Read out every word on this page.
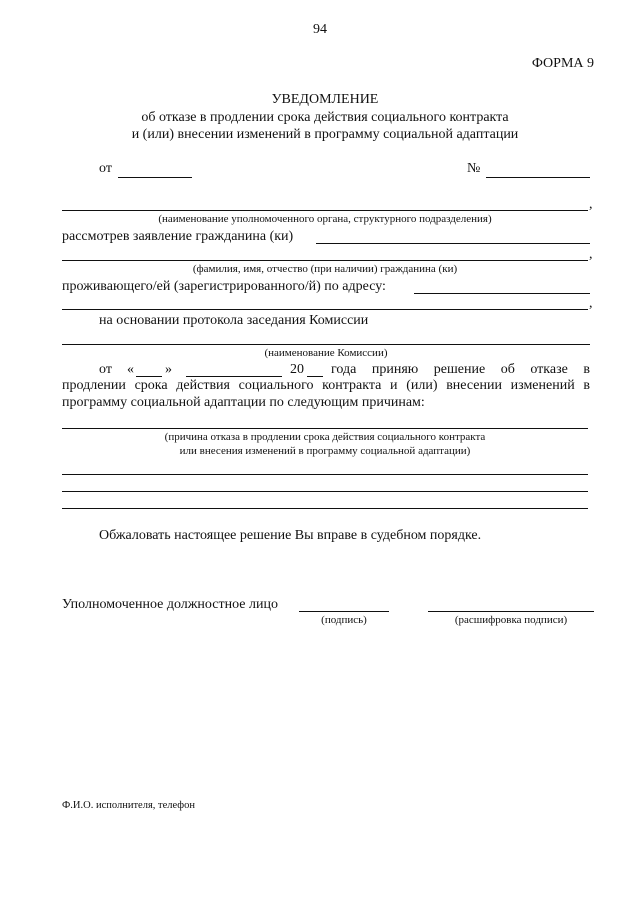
94
ФОРМА 9
УВЕДОМЛЕНИЕ
об отказе в продлении срока действия социального контракта
и (или) внесении изменений в программу социальной адаптации
от	№
,
(наименование уполномоченного органа, структурного подразделения)
рассмотрев заявление гражданина (ки)
,
(фамилия, имя, отчество (при наличии) гражданина (ки)
проживающего/ей (зарегистрированного/й) по адресу:
,
на основании протокола заседания Комиссии
(наименование Комиссии)
от « »	20 года приняю решение об отказе в
продлении срока действия социального контракта и (или) внесении изменений в
программу социальной адаптации по следующим причинам:
(причина отказа в продлении срока действия социального контракта
или внесения изменений в программу социальной адаптации)
Обжаловать настоящее решение Вы вправе в судебном порядке.
Уполномоченное должностное лицо
(подпись)	(расшифровка подписи)
Ф.И.О. исполнителя, телефон
